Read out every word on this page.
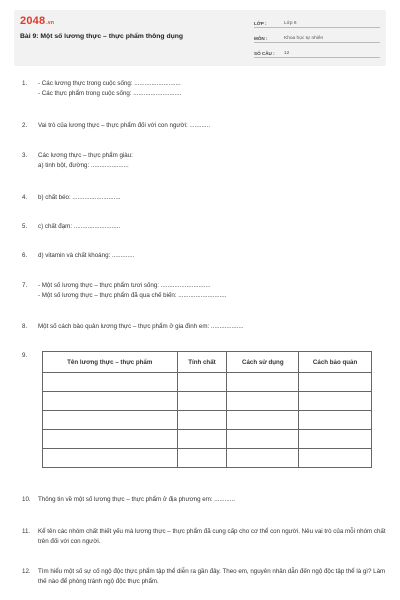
2048.vn
Bài 9: Một số lương thực – thực phẩm thông dụng
LỚP :	Lớp 6
MÔN :	Khoa học tự nhiên
SỐ CÂU :	12
1. - Các lương thực trong cuộc sống: ...........................
- Các thực phẩm trong cuộc sống: ............................
2. Vai trò của lương thực – thực phẩm đối với con người: ............
3. Các lương thực – thực phẩm giàu:
a) tinh bột, đường: ......................
4. b) chất béo: ............................
5. c) chất đạm: ...........................
6. d) vitamin và chất khoáng: .............
7. - Một số lương thực – thực phẩm tươi sống: .............................
- Một số lương thực – thực phẩm đã qua chế biến: ............................
8. Một số cách bảo quản lương thực – thực phẩm ở gia đình em: ...................
9.
Tên lương thực – thực phẩm	Tính chất	Cách sử dụng	Cách bảo quản

10. Thông tin về một số lương thực – thực phẩm ở địa phương em: ............
11. Kể tên các nhóm chất thiết yếu mà lương thực – thực phẩm đã cung cấp cho cơ thể con người. Nêu vai trò của mỗi nhóm chất trên đối với con người.
12. Tìm hiểu một số sự cố ngộ độc thực phẩm tập thể diễn ra gần đây. Theo em, nguyên nhân dẫn đến ngộ độc tập thể là gì? Làm thế nào để phòng tránh ngộ độc thực phẩm.
